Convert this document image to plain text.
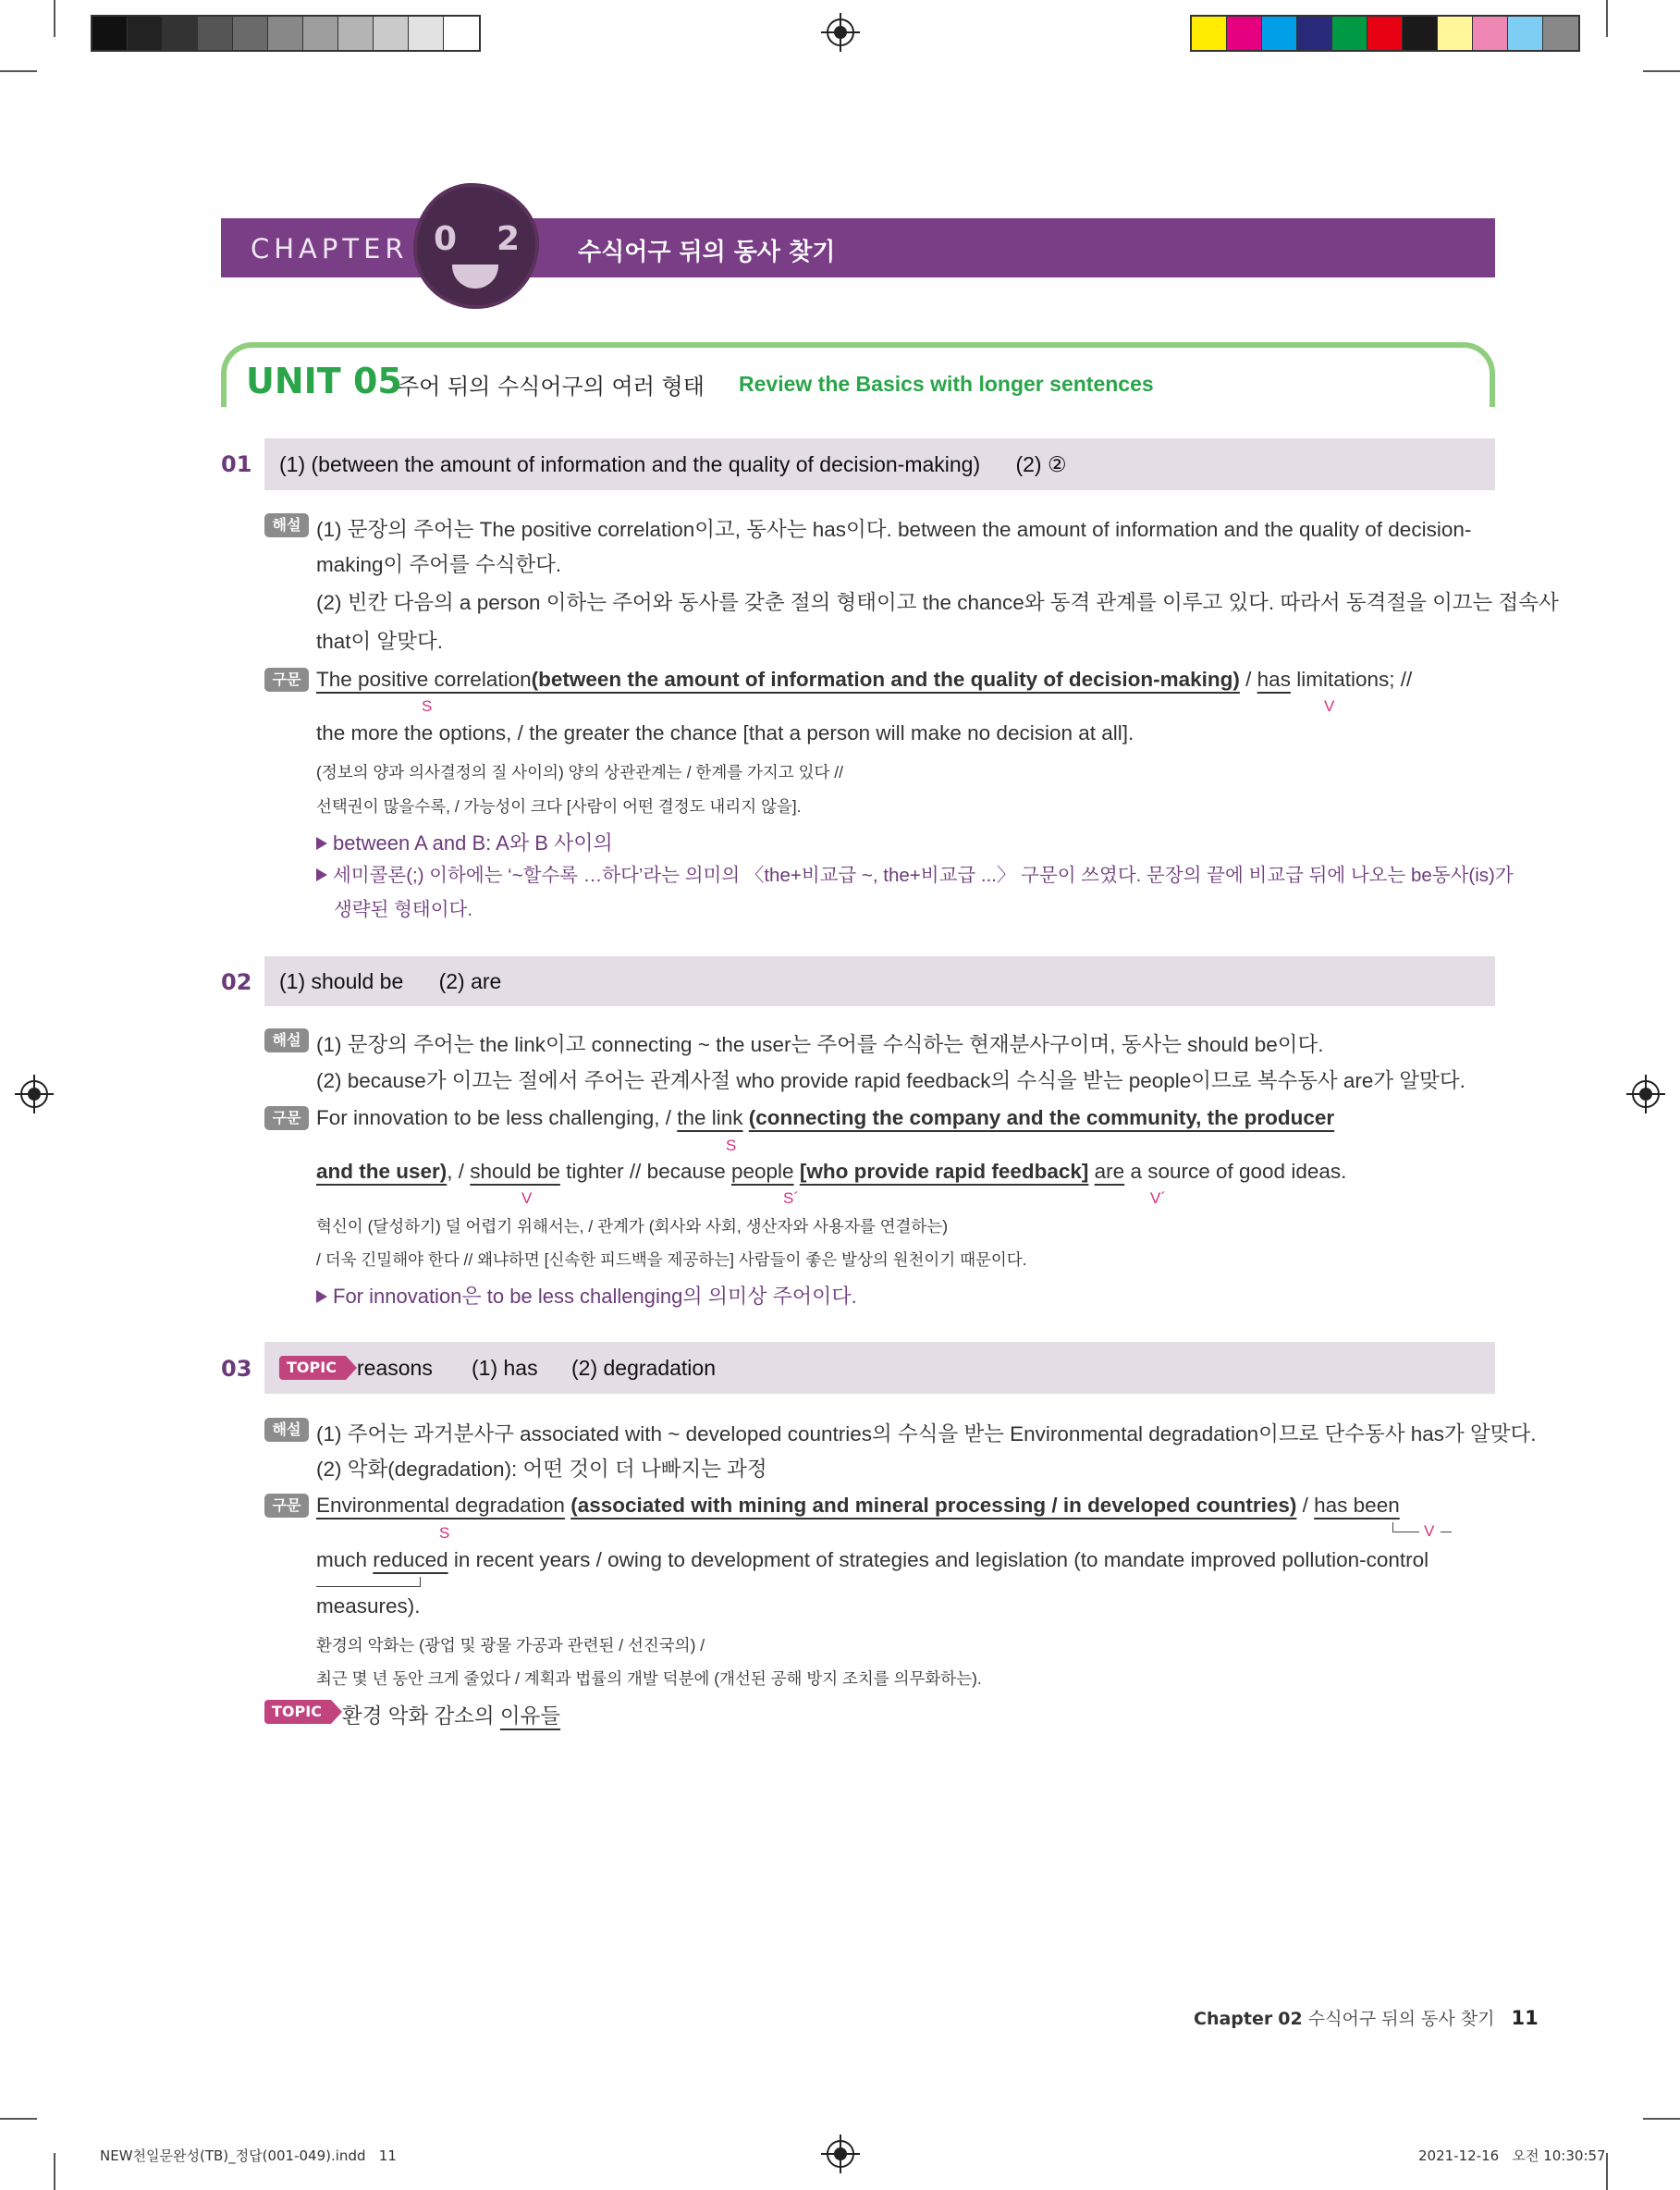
CHAPTER 0 2 수식어구 뒤의 동사 찾기
UNIT 05
주어 뒤의 수식어구의 여러 형태 Review the Basics with longer sentences
01 (1) (between the amount of information and the quality of decision-making)      (2) ②
해설 (1) 문장의 주어는 The positive correlation이고, 동사는 has이다. between the amount of information and the quality of decision-
making이 주어를 수식한다.
(2) 빈칸 다음의 a person 이하는 주어와 동사를 갖춘 절의 형태이고 the chance와 동격 관계를 이루고 있다. 따라서 동격절을 이끄는 접속사
that이 알맞다.
구문 The positive correlation(between the amount of information and the quality of decision-making) / has limitations; //
S	V
the more the options, / the greater the chance [that a person will make no decision at all].
(정보의 양과 의사결정의 질 사이의) 양의 상관관계는 / 한계를 가지고 있다 //
선택권이 많을수록, / 가능성이 크다 [사람이 어떤 결정도 내리지 않을].
between A and B: A와 B 사이의
세미콜론(;) 이하에는 ‘~할수록 …하다’라는 의미의 〈the+비교급 ~, the+비교급 ...〉 구문이 쓰였다. 문장의 끝에 비교급 뒤에 나오는 be동사(is)가
생략된 형태이다.
02 (1) should be      (2) are
해설 (1) 문장의 주어는 the link이고 connecting ~ the user는 주어를 수식하는 현재분사구이며, 동사는 should be이다.
(2) because가 이끄는 절에서 주어는 관계사절 who provide rapid feedback의 수식을 받는 people이므로 복수동사 are가 알맞다.
구문 For innovation to be less challenging, / the link (connecting the company and the community, the producer
S
and the user), / should be tighter // because people [who provide rapid feedback] are a source of good ideas.
V	S´	V´
혁신이 (달성하기) 덜 어렵기 위해서는, / 관계가 (회사와 사회, 생산자와 사용자를 연결하는)
/ 더욱 긴밀해야 한다 // 왜냐하면 [신속한 피드백을 제공하는] 사람들이 좋은 발상의 원천이기 때문이다.
For innovation은 to be less challenging의 의미상 주어이다.
03	TOPIC reasons (1) has (2) degradation
해설 (1) 주어는 과거분사구 associated with ~ developed countries의 수식을 받는 Environmental degradation이므로 단수동사 has가 알맞다.
(2) 악화(degradation): 어떤 것이 더 나빠지는 과정
구문 Environmental degradation (associated with mining and mineral processing / in developed countries) / has been
S	V
much reduced in recent years / owing to development of strategies and legislation (to mandate improved pollution-control
measures).
환경의 악화는 (광업 및 광물 가공과 관련된 / 선진국의) /
최근 몇 년 동안 크게 줄었다 / 계획과 법률의 개발 덕분에 (개선된 공해 방지 조치를 의무화하는).
TOPIC 환경 악화 감소의 이유들
Chapter 02 수식어구 뒤의 동사 찾기 11
NEW천일문완성(TB)_정답(001-049).indd   11	2021-12-16   오전 10:30:57
